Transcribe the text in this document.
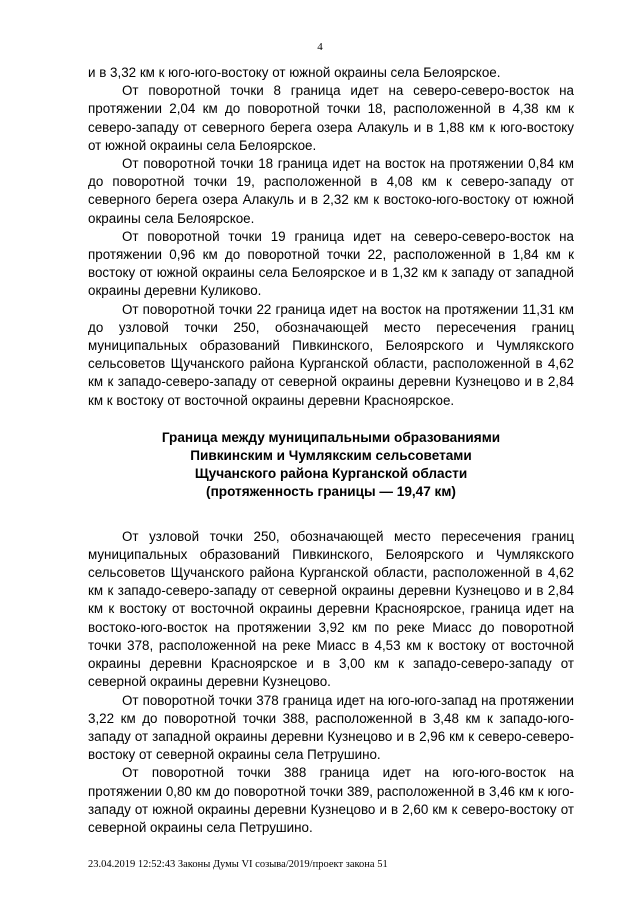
4

и в 3,32 км к юго-юго-востоку от южной окраины села Белоярское.

От поворотной точки 8 граница идет на северо-северо-восток на протяжении 2,04 км до поворотной точки 18, расположенной в 4,38 км к северо-западу от северного берега озера Алакуль и в 1,88 км к юго-востоку от южной окраины села Белоярское.

От поворотной точки 18 граница идет на восток на протяжении 0,84 км до поворотной точки 19, расположенной в 4,08 км к северо-западу от северного берега озера Алакуль и в 2,32 км к востоко-юго-востоку от южной окраины села Белоярское.

От поворотной точки 19 граница идет на северо-северо-восток на протяжении 0,96 км до поворотной точки 22, расположенной в 1,84 км к востоку от южной окраины села Белоярское и в 1,32 км к западу от западной окраины деревни Куликово.

От поворотной точки 22 граница идет на восток на протяжении 11,31 км до узловой точки 250, обозначающей место пересечения границ муниципальных образований Пивкинского, Белоярского и Чумлякского сельсоветов Щучанского района Курганской области, расположенной в 4,62 км к западо-северо-западу от северной окраины деревни Кузнецово и в 2,84 км к востоку от восточной окраины деревни Красноярское.

Граница между муниципальными образованиями
Пивкинским и Чумлякским сельсоветами
Щучанского района Курганской области
(протяженность границы — 19,47 км)

От узловой точки 250, обозначающей место пересечения границ муниципальных образований Пивкинского, Белоярского и Чумлякского сельсоветов Щучанского района Курганской области, расположенной в 4,62 км к западо-северо-западу от северной окраины деревни Кузнецово и в 2,84 км к востоку от восточной окраины деревни Красноярское, граница идет на востоко-юго-восток на протяжении 3,92 км по реке Миасс до поворотной точки 378, расположенной на реке Миасс в 4,53 км к востоку от восточной окраины деревни Красноярское и в 3,00 км к западо-северо-западу от северной окраины деревни Кузнецово.

От поворотной точки 378 граница идет на юго-юго-запад на протяжении 3,22 км до поворотной точки 388, расположенной в 3,48 км к западо-юго-западу от западной окраины деревни Кузнецово и в 2,96 км к северо-северо-востоку от северной окраины села Петрушино.

От поворотной точки 388 граница идет на юго-юго-восток на протяжении 0,80 км до поворотной точки 389, расположенной в 3,46 км к юго-западу от южной окраины деревни Кузнецово и в 2,60 км к северо-востоку от северной окраины села Петрушино.

23.04.2019 12:52:43 Законы Думы VI созыва/2019/проект закона 51
